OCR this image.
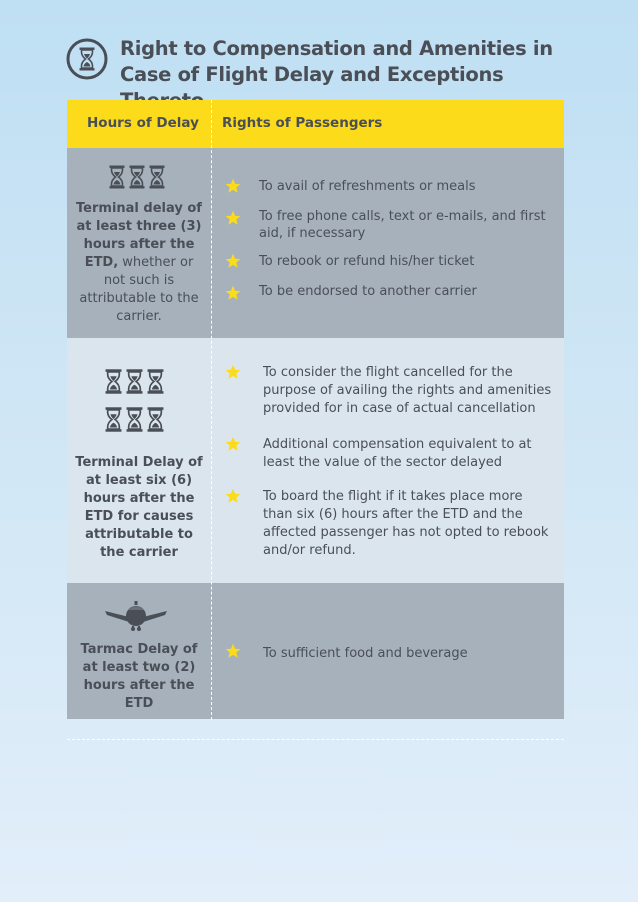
Right to Compensation and Amenities in Case of Flight Delay and Exceptions
Hours of Delay Rights of Passengers
Terminal delay of at least three (3) hours after the ETD, whether or not such is attributable to the carrier.
To avail of refreshments or meals
To free phone calls, text or e-mails, and first aid, if necessary
To rebook or refund his/her ticket
To be endorsed to another carrier
Terminal Delay of at least six (6) hours after the ETD for causes attributable to the carrier
To consider the flight cancelled for the purpose of availing the rights and amenities provided for in case of actual cancellation
Additional compensation equivalent to at least the value of the sector delayed
To board the flight if it takes place more than six (6) hours after the ETD and the affected passenger has not opted to rebook and/or refund.
Tarmac Delay of at least two (2) hours after the ETD
To sufficient food and beverage
